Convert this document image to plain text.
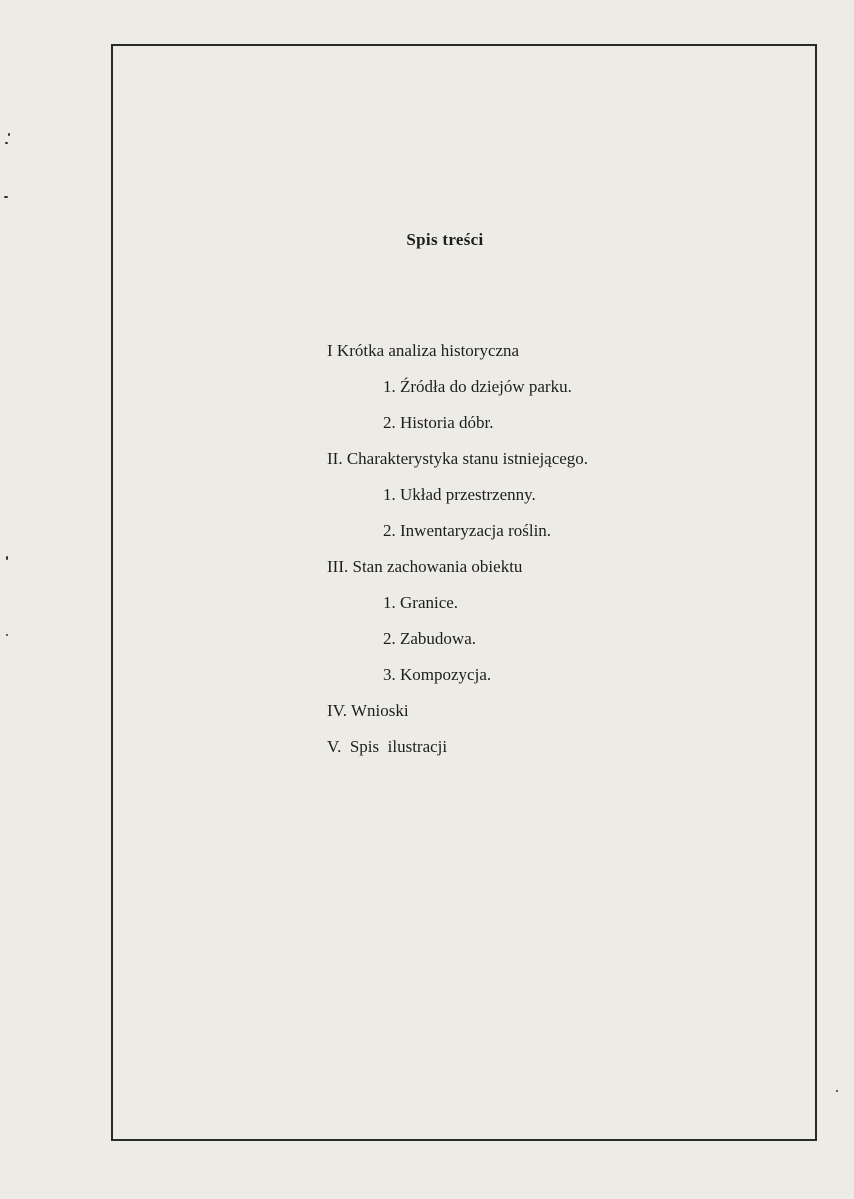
Spis treści
I Krótka analiza historyczna
1. Źródła do dziejów parku.
2. Historia dóbr.
II. Charakterystyka stanu istniejącego.
1. Układ przestrzenny.
2. Inwentaryzacja roślin.
III. Stan zachowania obiektu
1. Granice.
2. Zabudowa.
3. Kompozycja.
IV. Wnioski
V.  Spis  ilustracji
